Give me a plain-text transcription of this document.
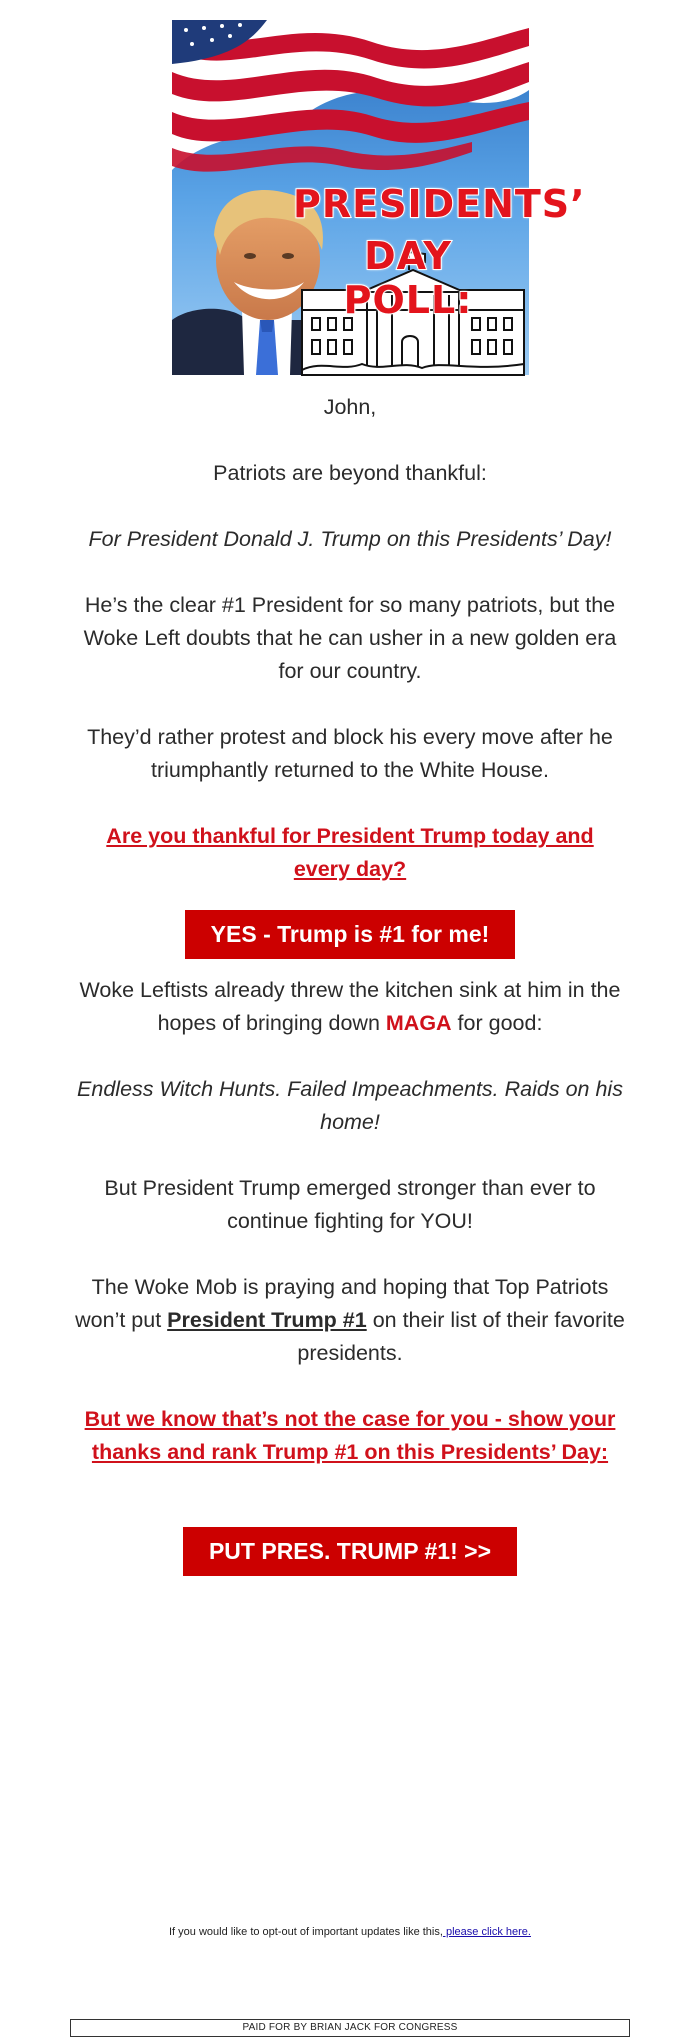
PRESIDENTS’
DAY POLL:

John,

Patriots are beyond thankful:

For President Donald J. Trump on this Presidents’ Day!

He’s the clear #1 President for so many patriots, but the Woke Left doubts that he can usher in a new golden era for our country.

They’d rather protest and block his every move after he triumphantly returned to the White House.

Are you thankful for President Trump today and every day?

YES - Trump is #1 for me!

Woke Leftists already threw the kitchen sink at him in the hopes of bringing down MAGA for good:

Endless Witch Hunts. Failed Impeachments. Raids on his home!

But President Trump emerged stronger than ever to continue fighting for YOU!

The Woke Mob is praying and hoping that Top Patriots won’t put President Trump #1 on their list of their favorite presidents.

But we know that’s not the case for you - show your thanks and rank Trump #1 on this Presidents’ Day:

PUT PRES. TRUMP #1! >>
If you would like to opt-out of important updates like this, please click here.
PAID FOR BY BRIAN JACK FOR CONGRESS
